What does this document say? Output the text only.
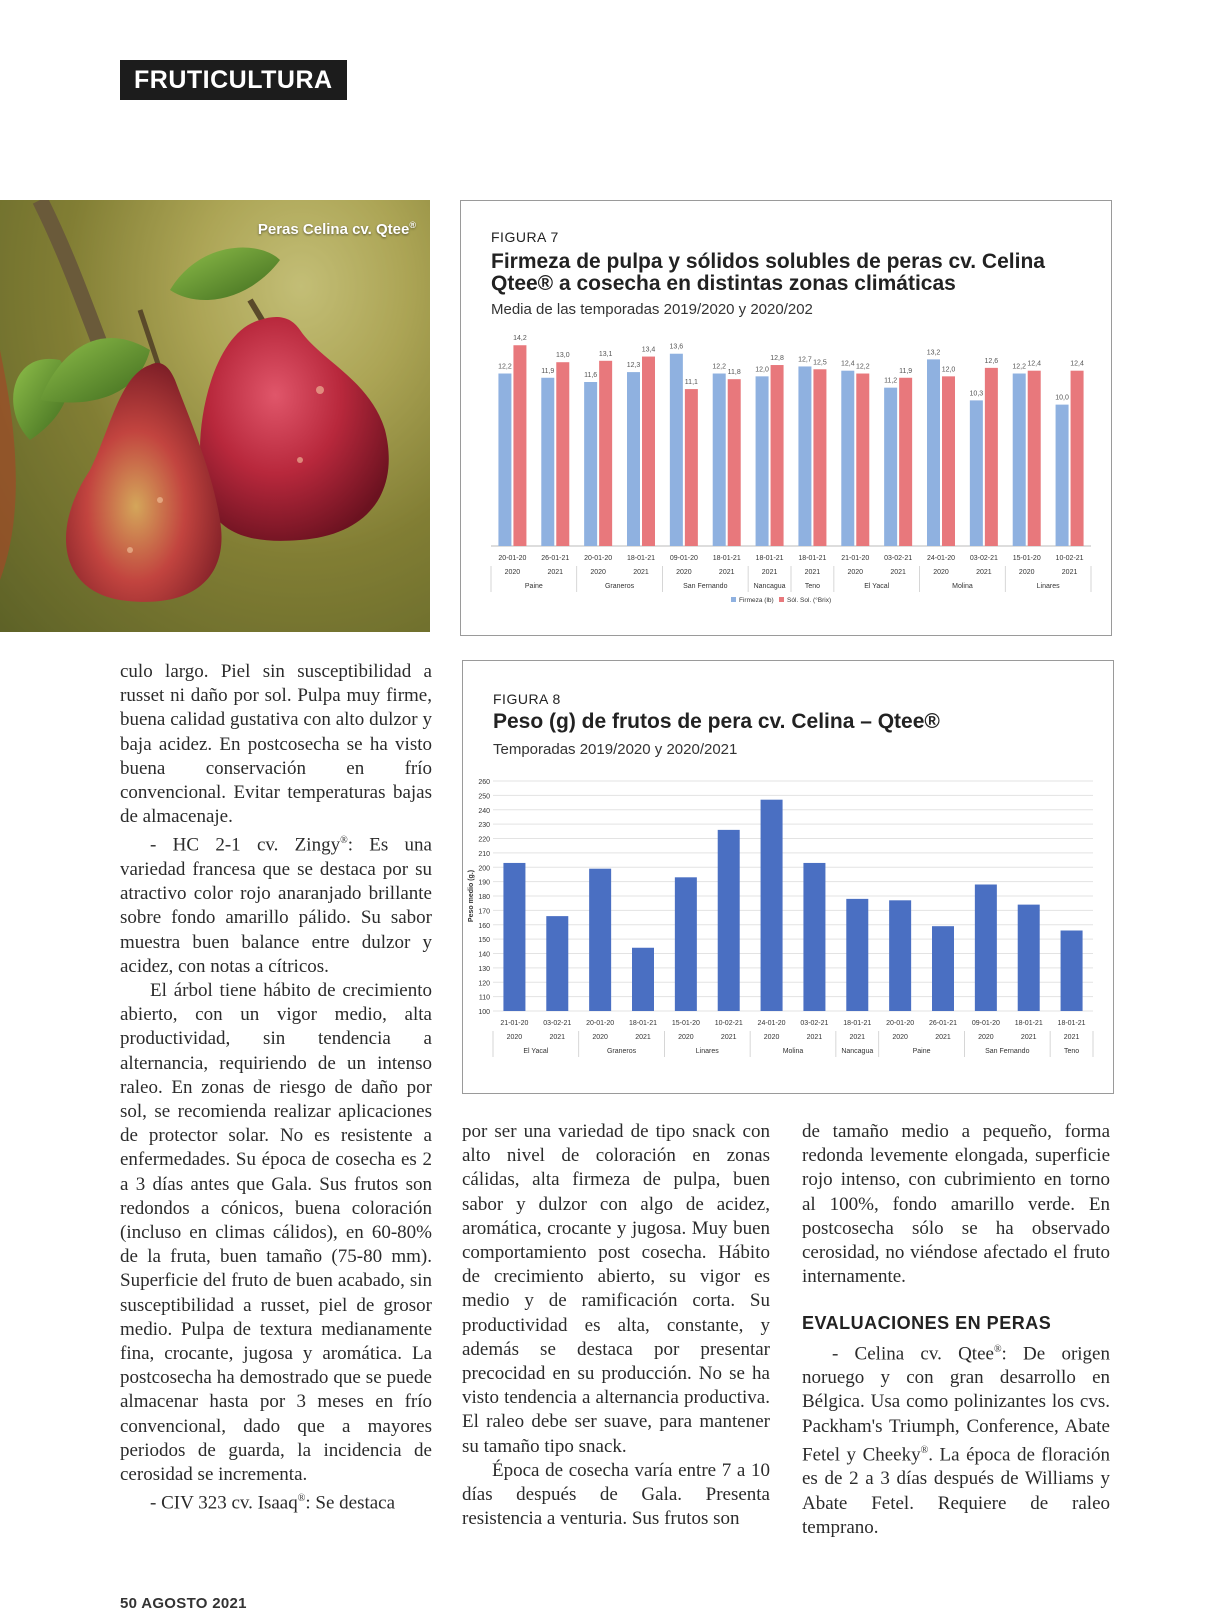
FRUTICULTURA
Peras Celina cv. Qtee®
FIGURA 7
Firmeza de pulpa y sólidos solubles de peras cv. Celina Qtee® a cosecha en distintas zonas climáticas
Media de las temporadas 2019/2020 y 2020/202
12,2
14,2
20-01-20
2020
11,9
13,0
26-01-21
2021
11,6
13,1
20-01-20
2020
12,3
13,4
18-01-21
2021
13,6
11,1
09-01-20
2020
12,2
11,8
18-01-21
2021
12,0
12,8
18-01-21
2021
12,7 12,5
18-01-21
2021
12,4 12,2
21-01-20
2020
11,2
11,9
03-02-21
2021
13,2
12,0
24-01-20
2020
10,3
12,6
03-02-21
2021
12,2 12,4
15-01-20
2020
10,0
12,4
10-02-21
2021
Paine	Graneros	San Fernando	Nancagua	Teno	El Yacal	Molina	Linares
Firmeza (lb) Sól. Sol. (°Brix)
FIGURA 8
Peso (g) de frutos de pera cv. Celina – Qtee®
Temporadas 2019/2020 y 2020/2021
260
250
240
230
220
210
200
190
180
170
160
150
140
130
120
110
100
Peso medio (g.)
21-01-20
2020
03-02-21
2021
20-01-20
2020
18-01-21
2021
15-01-20
2020
10-02-21
2021
24-01-20
2020
03-02-21
2021
18-01-21
2021
20-01-20
2020
26-01-21
2021
09-01-20
2020
18-01-21
2021
18-01-21
2021
El Yacal	Graneros	Linares	Molina	Nancagua	Paine	San Fernando	Teno

culo largo. Piel sin susceptibilidad a russet ni daño por sol. Pulpa muy firme, buena calidad gustativa con alto dulzor y baja acidez. En postcosecha se ha visto buena conservación en frío convencional. Evitar temperaturas bajas de almacenaje.

- HC 2-1 cv. Zingy®: Es una variedad francesa que se destaca por su atractivo color rojo anaranjado brillante sobre fondo amarillo pálido. Su sabor muestra buen balance entre dulzor y acidez, con notas a cítricos.

El árbol tiene hábito de crecimiento abierto, con un vigor medio, alta productividad, sin tendencia a alternancia, requiriendo de un intenso raleo. En zonas de riesgo de daño por sol, se recomienda realizar aplicaciones de protector solar. No es resistente a enfermedades. Su época de cosecha es 2 a 3 días antes que Gala. Sus frutos son redondos a cónicos, buena coloración (incluso en climas cálidos), en 60-80% de la fruta, buen tamaño (75-80 mm). Superficie del fruto de buen acabado, sin susceptibilidad a russet, piel de grosor medio. Pulpa de textura medianamente fina, crocante, jugosa y aromática. La postcosecha ha demostrado que se puede almacenar hasta por 3 meses en frío convencional, dado que a mayores periodos de guarda, la incidencia de cerosidad se incrementa.

- CIV 323 cv. Isaaq®: Se destaca

por ser una variedad de tipo snack con alto nivel de coloración en zonas cálidas, alta firmeza de pulpa, buen sabor y dulzor con algo de acidez, aromática, crocante y jugosa. Muy buen comportamiento post cosecha. Hábito de crecimiento abierto, su vigor es medio y de ramificación corta. Su productividad es alta, constante, y además se destaca por presentar precocidad en su producción. No se ha visto tendencia a alternancia productiva. El raleo debe ser suave, para mantener su tamaño tipo snack.

Época de cosecha varía entre 7 a 10 días después de Gala. Presenta resistencia a venturia. Sus frutos son

de tamaño medio a pequeño, forma redonda levemente elongada, superficie rojo intenso, con cubrimiento en torno al 100%, fondo amarillo verde. En postcosecha sólo se ha observado cerosidad, no viéndose afectado el fruto internamente.

EVALUACIONES EN PERAS

- Celina cv. Qtee®: De origen noruego y con gran desarrollo en Bélgica. Usa como polinizantes los cvs. Packham's Triumph, Conference, Abate Fetel y Cheeky®. La época de floración es de 2 a 3 días después de Williams y Abate Fetel. Requiere de raleo temprano.

50 AGOSTO 2021
